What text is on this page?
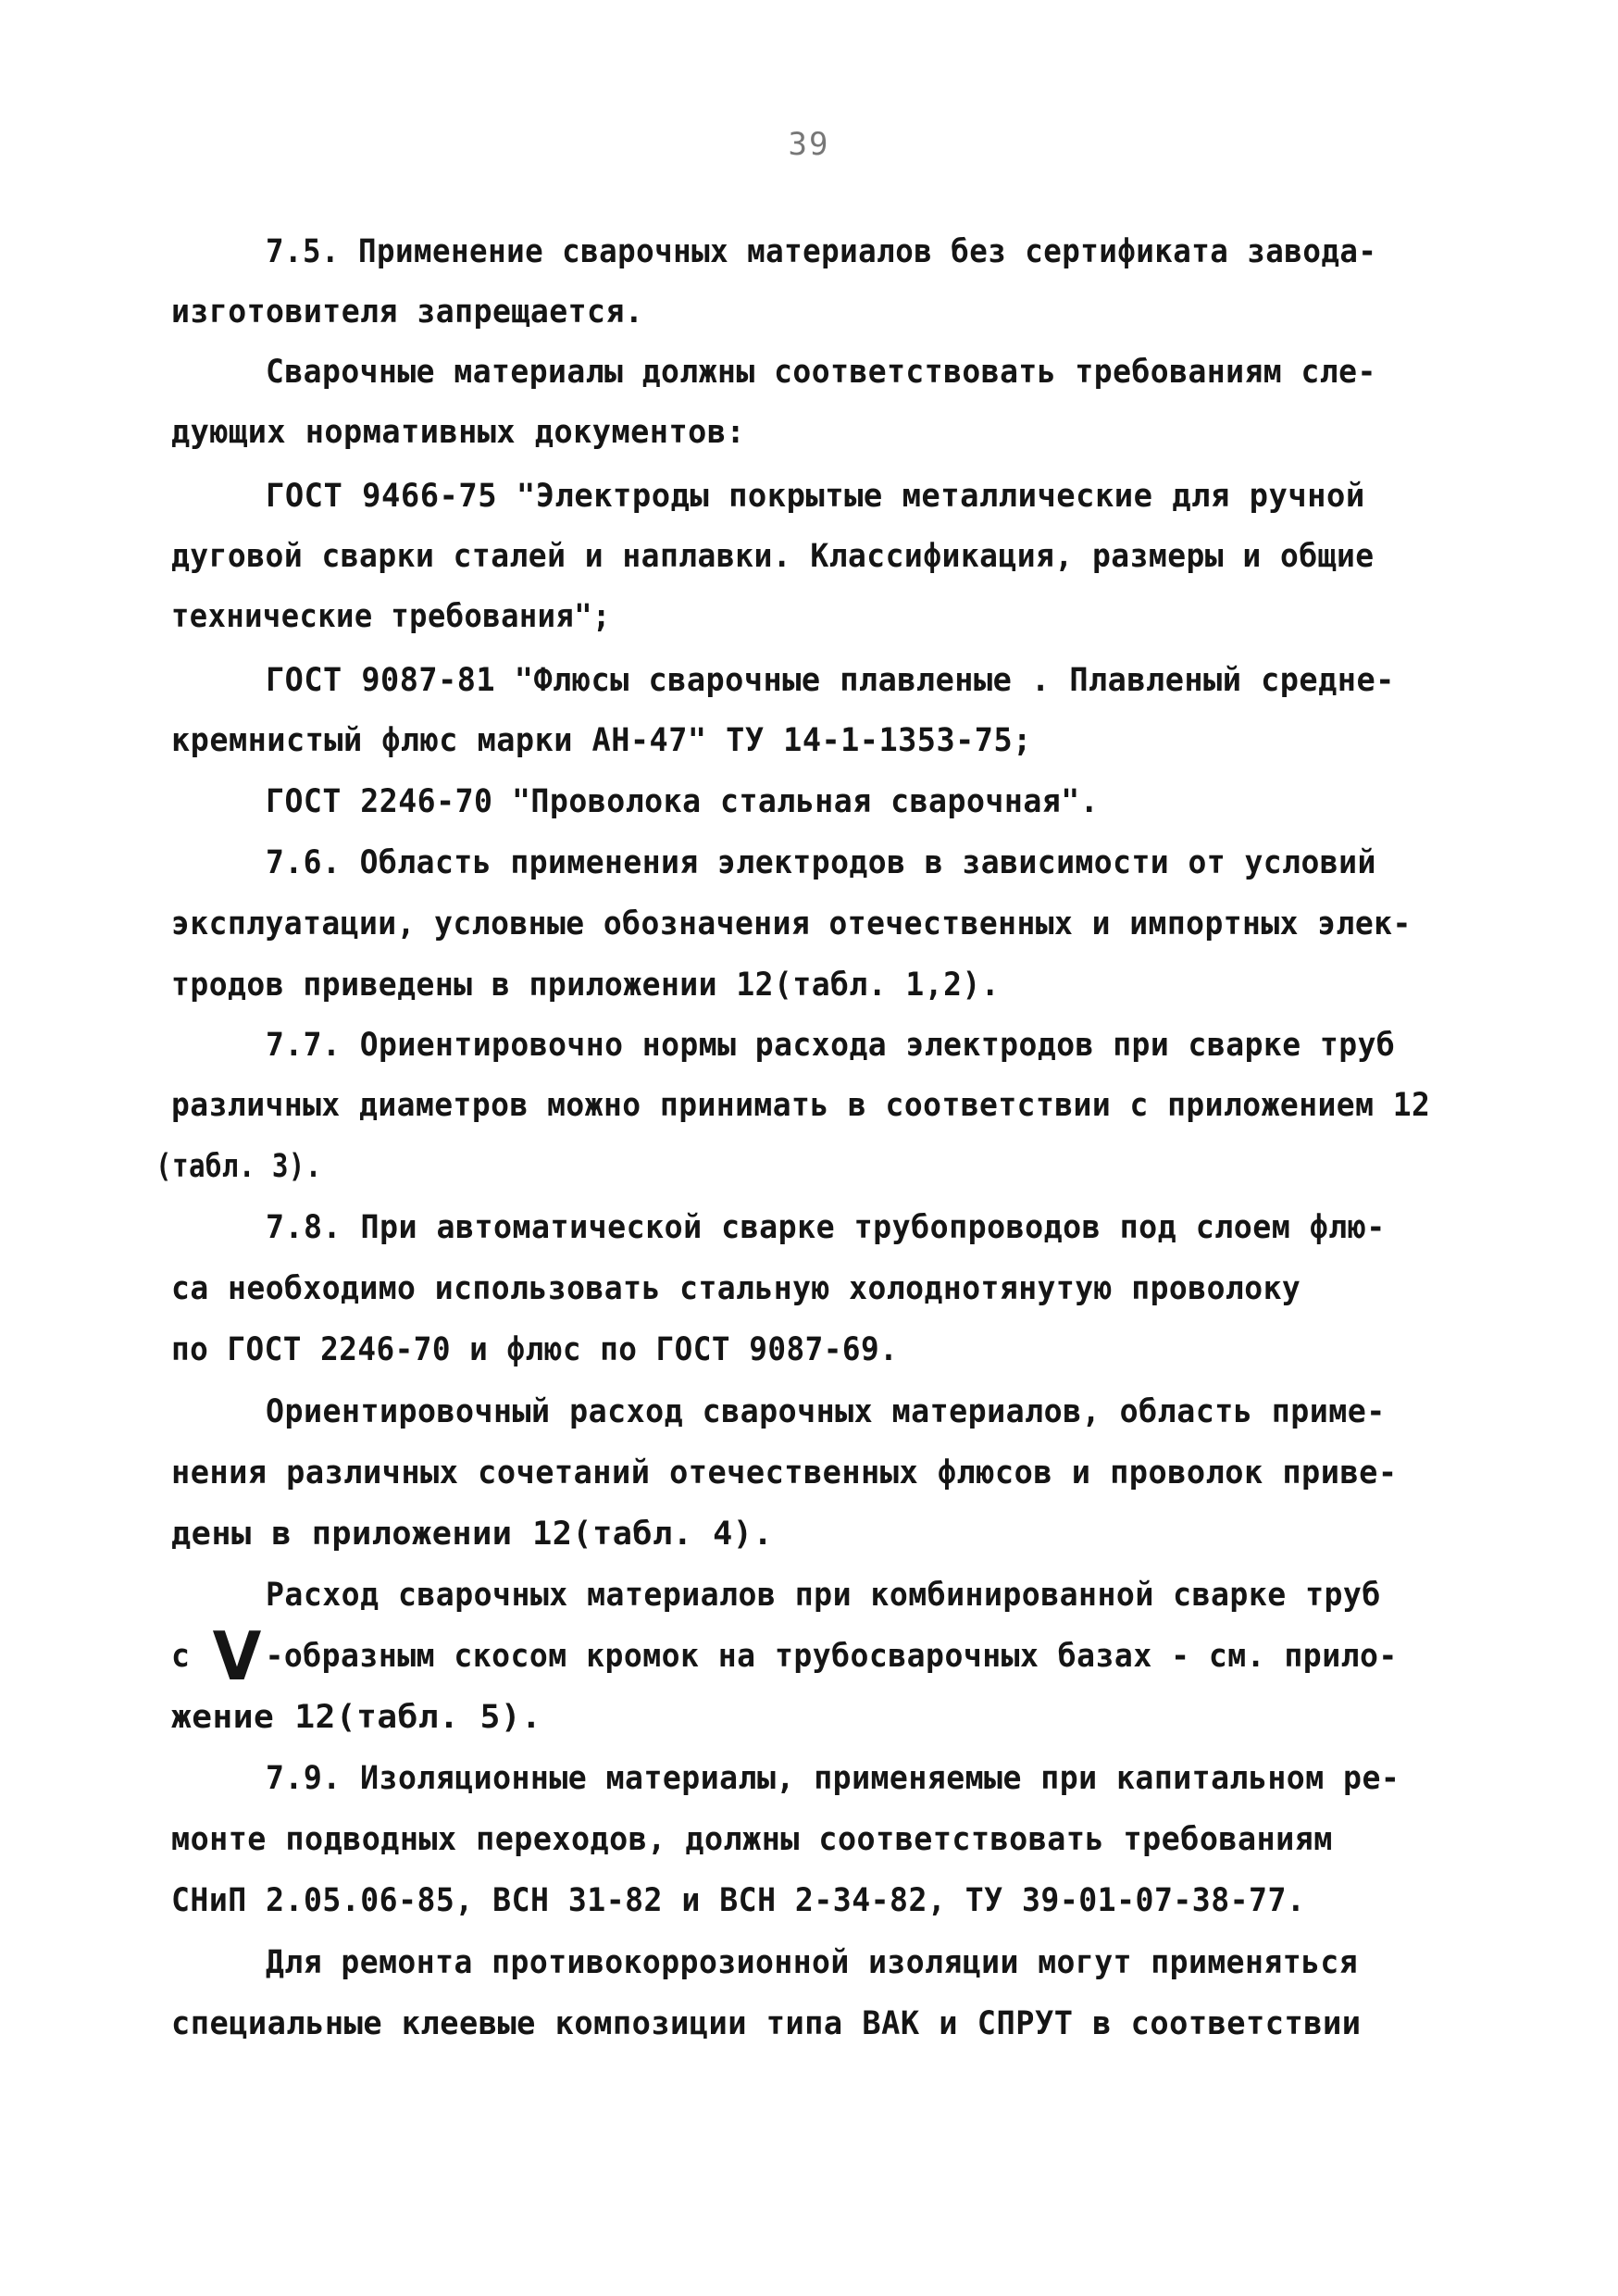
39
7.5. Применение сварочных материалов без сертификата завода-
изготовителя запрещается.
Сварочные материалы должны соответствовать требованиям сле-
дующих нормативных документов:
ГОСТ 9466-75 "Электроды покрытые металлические для ручной
дуговой сварки сталей и наплавки. Классификация, размеры и общие
технические требования";
ГОСТ 9087-81 "Флюсы сварочные плавленые . Плавленый средне-
кремнистый флюс марки АН-47" ТУ 14-1-1353-75;
ГОСТ 2246-70 "Проволока стальная сварочная".
7.6. Область применения электродов в зависимости от условий
эксплуатации, условные обозначения отечественных и импортных элек-
тродов приведены в приложении 12(табл. 1,2).
7.7. Ориентировочно нормы расхода электродов при сварке труб
различных диаметров можно принимать в соответствии с приложением 12
(табл. 3).
7.8. При автоматической сварке трубопроводов под слоем флю-
са необходимо использовать стальную холоднотянутую проволоку
по ГОСТ 2246-70 и флюс по ГОСТ 9087-69.
Ориентировочный расход сварочных материалов, область приме-
нения различных сочетаний отечественных флюсов и проволок приве-
дены в приложении 12(табл. 4).
Расход сварочных материалов при комбинированной сварке труб
с V -образным скосом кромок на трубосварочных базах - см. прило-
жение 12(табл. 5).
7.9. Изоляционные материалы, применяемые при капитальном ре-
монте подводных переходов, должны соответствовать требованиям
СНиП 2.05.06-85, ВСН 31-82 и ВСН 2-34-82, ТУ 39-01-07-38-77.
Для ремонта противокоррозионной изоляции могут применяться
специальные клеевые композиции типа ВАК и СПРУТ в соответствии
